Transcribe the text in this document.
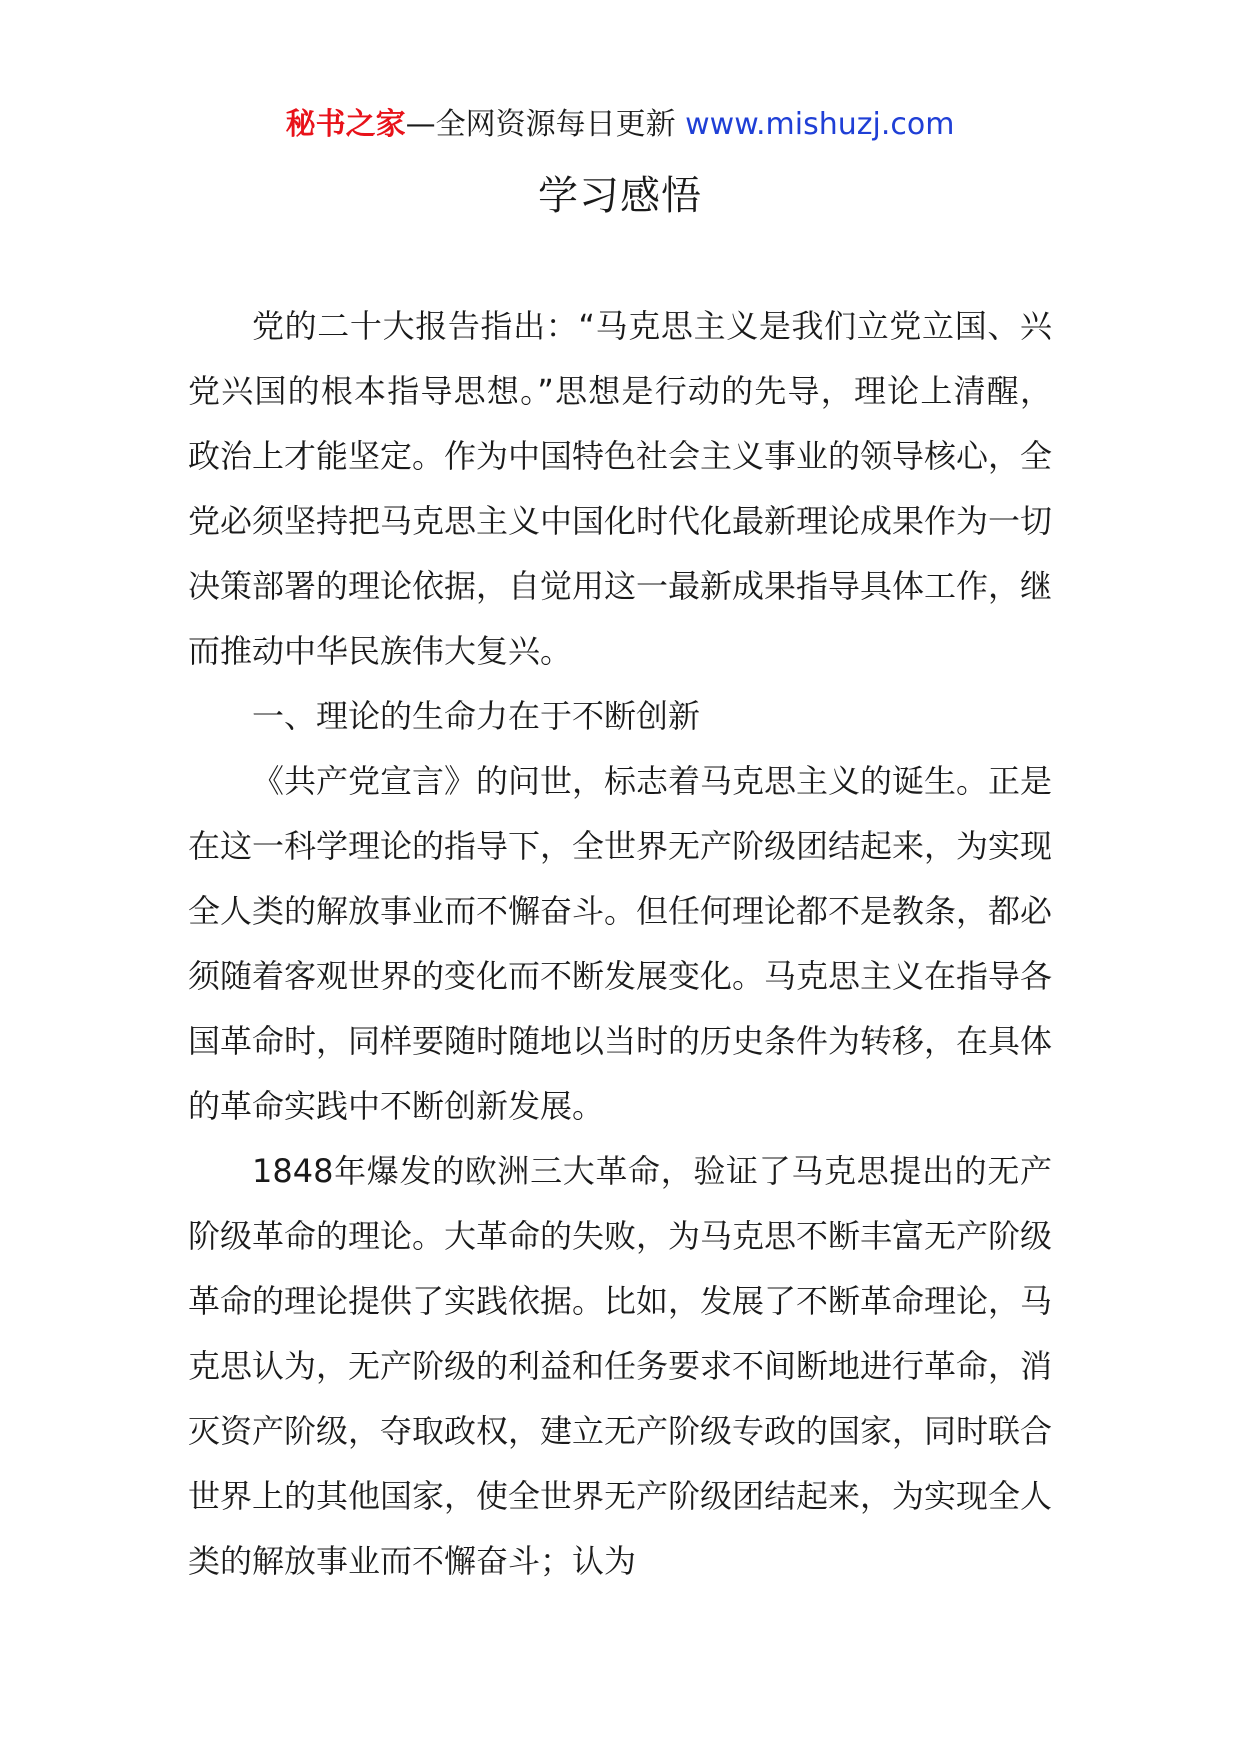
秘书之家—全网资源每日更新 www.mishuzj.com
学习感悟

党的二十大报告指出：“马克思主义是我们立党立国、兴党兴国的根本指导思想。”思想是行动的先导，理论上清醒，政治上才能坚定。作为中国特色社会主义事业的领导核心，全党必须坚持把马克思主义中国化时代化最新理论成果作为一切决策部署的理论依据，自觉用这一最新成果指导具体工作，继而推动中华民族伟大复兴。

一、理论的生命力在于不断创新

《共产党宣言》的问世，标志着马克思主义的诞生。正是在这一科学理论的指导下，全世界无产阶级团结起来，为实现全人类的解放事业而不懈奋斗。但任何理论都不是教条，都必须随着客观世界的变化而不断发展变化。马克思主义在指导各国革命时，同样要随时随地以当时的历史条件为转移，在具体的革命实践中不断创新发展。

1848年爆发的欧洲三大革命，验证了马克思提出的无产阶级革命的理论。大革命的失败，为马克思不断丰富无产阶级革命的理论提供了实践依据。比如，发展了不断革命理论，马克思认为，无产阶级的利益和任务要求不间断地进行革命，消灭资产阶级，夺取政权，建立无产阶级专政的国家，同时联合世界上的其他国家，使全世界无产阶级团结起来，为实现全人类的解放事业而不懈奋斗；认为
